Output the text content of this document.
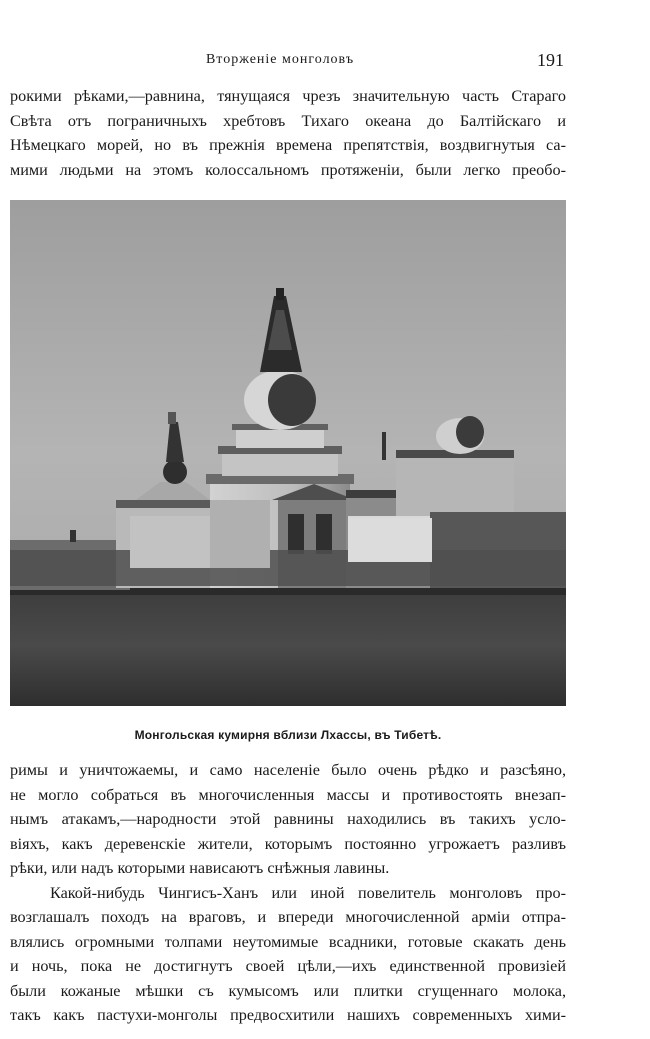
Вторженіе монголовъ	191
рокими рѣками,—равнина, тянущаяся чрезъ значительную часть Стараго
Свѣта отъ пограничныхъ хребтовъ Тихаго океана до Балтійскаго и
Нѣмецкаго морей, но въ прежнія времена препятствія, воздвигнутыя са-
мими людьми на этомъ колоссальномъ протяженіи, были легко преобо-
Монгольская кумирня вблизи Лхассы, въ Тибетѣ.
римы и уничтожаемы, и само населеніе было очень рѣдко и разсѣяно,
не могло собраться въ многочисленныя массы и противостоять внезап-
нымъ атакамъ,—народности этой равнины находились въ такихъ усло-
віяхъ, какъ деревенскіе жители, которымъ постоянно угрожаетъ разливъ
рѣки, или надъ которыми нависаютъ снѣжныя лавины.
Какой-нибудь Чингисъ-Ханъ или иной повелитель монголовъ про-
возглашалъ походъ на враговъ, и впереди многочисленной арміи отпра-
влялись огромными толпами неутомимые всадники, готовые скакать день
и ночь, пока не достигнутъ своей цѣли,—ихъ единственной провизіей
были кожаные мѣшки съ кумысомъ или плитки сгущеннаго молока,
такъ какъ пастухи-монголы предвосхитили нашихъ современныхъ хими-
